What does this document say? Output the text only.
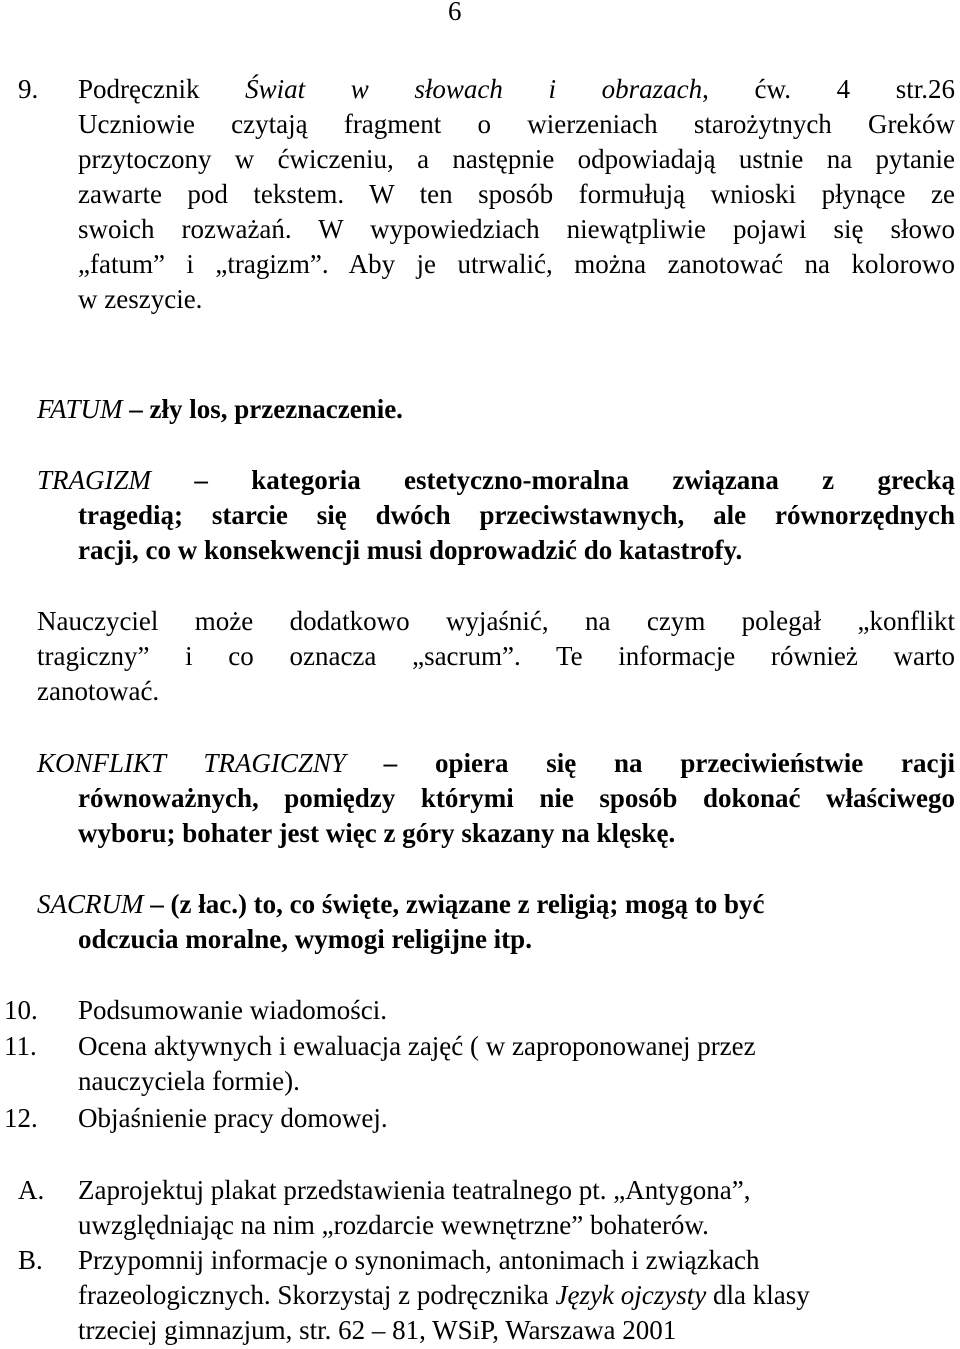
6
9. Podręcznik Świat w słowach i obrazach, ćw. 4 str.26
Uczniowie czytają fragment o wierzeniach starożytnych Greków
przytoczony w ćwiczeniu, a następnie odpowiadają ustnie na pytanie
zawarte pod tekstem. W ten sposób formułują wnioski płynące ze
swoich rozważań. W wypowiedziach niewątpliwie pojawi się słowo
„fatum” i „tragizm”. Aby je utrwalić, można zanotować na kolorowo
w zeszycie.
FATUM – zły los, przeznaczenie.
TRAGIZM – kategoria estetyczno-moralna związana z grecką
tragedią; starcie się dwóch przeciwstawnych, ale równorzędnych
racji, co w konsekwencji musi doprowadzić do katastrofy.
Nauczyciel może dodatkowo wyjaśnić, na czym polegał „konflikt
tragiczny” i co oznacza „sacrum”. Te informacje również warto
zanotować.
KONFLIKT TRAGICZNY – opiera się na przeciwieństwie racji
równoważnych, pomiędzy którymi nie sposób dokonać właściwego
wyboru; bohater jest więc z góry skazany na klęskę.
SACRUM – (z łac.) to, co święte, związane z religią; mogą to być
odczucia moralne, wymogi religijne itp.
10. Podsumowanie wiadomości.
11. Ocena aktywnych i ewaluacja zajęć ( w zaproponowanej przez
nauczyciela formie).
12. Objaśnienie pracy domowej.
A. Zaprojektuj plakat przedstawienia teatralnego pt. „Antygona”,
uwzględniając na nim „rozdarcie wewnętrzne” bohaterów.
B. Przypomnij informacje o synonimach, antonimach i związkach
frazeologicznych. Skorzystaj z podręcznika Język ojczysty dla klasy
trzeciej gimnazjum, str. 62 – 81, WSiP, Warszawa 2001
